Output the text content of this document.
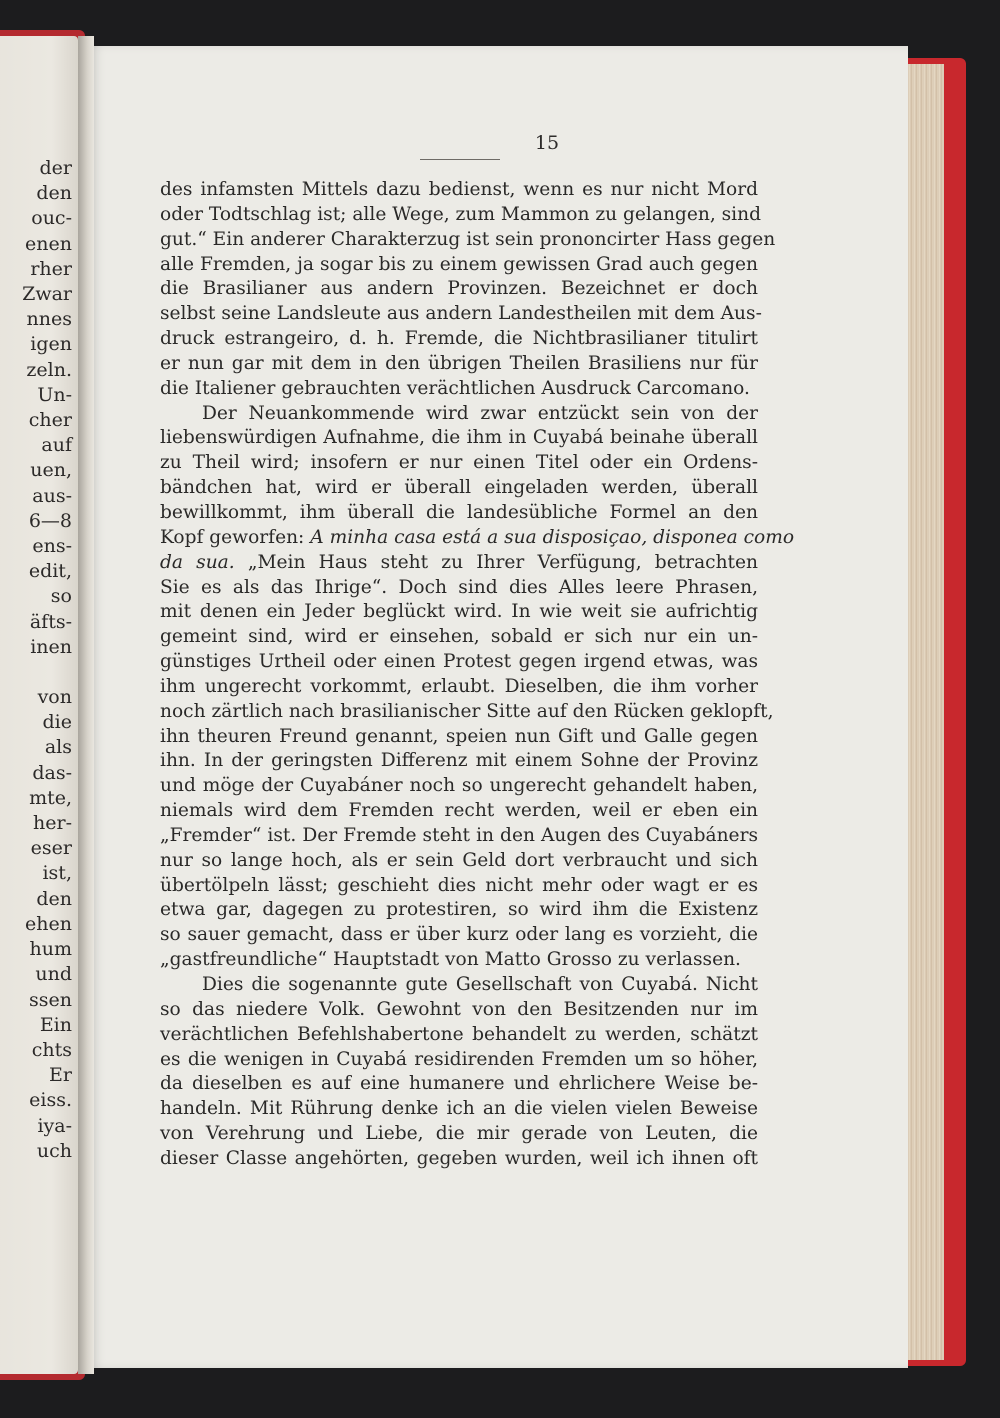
der
den
ouc-
enen
rher
Zwar
nnes
igen
zeln.
Un-
cher
auf
uen,
aus-
6—8
ens-
edit,
so
äfts-
inen
von
die
als
das-
mte,
her-
eser
ist,
den
ehen
hum
und
ssen
Ein
chts
Er
eiss.
iya-
uch
15
des infamsten Mittels dazu bedienst, wenn es nur nicht Mord
oder Todtschlag ist; alle Wege, zum Mammon zu gelangen, sind
gut.“ Ein anderer Charakterzug ist sein prononcirter Hass gegen
alle Fremden, ja sogar bis zu einem gewissen Grad auch gegen
die Brasilianer aus andern Provinzen. Bezeichnet er doch
selbst seine Landsleute aus andern Landestheilen mit dem Aus-
druck estrangeiro, d. h. Fremde, die Nichtbrasilianer titulirt
er nun gar mit dem in den übrigen Theilen Brasiliens nur für
die Italiener gebrauchten verächtlichen Ausdruck Carcomano.
Der Neuankommende wird zwar entzückt sein von der
liebenswürdigen Aufnahme, die ihm in Cuyabá beinahe überall
zu Theil wird; insofern er nur einen Titel oder ein Ordens-
bändchen hat, wird er überall eingeladen werden, überall
bewillkommt, ihm überall die landesübliche Formel an den
Kopf geworfen: A minha casa está a sua disposiçao, disponea como
da sua. „Mein Haus steht zu Ihrer Verfügung, betrachten
Sie es als das Ihrige“. Doch sind dies Alles leere Phrasen,
mit denen ein Jeder beglückt wird. In wie weit sie aufrichtig
gemeint sind, wird er einsehen, sobald er sich nur ein un-
günstiges Urtheil oder einen Protest gegen irgend etwas, was
ihm ungerecht vorkommt, erlaubt. Dieselben, die ihm vorher
noch zärtlich nach brasilianischer Sitte auf den Rücken geklopft,
ihn theuren Freund genannt, speien nun Gift und Galle gegen
ihn. In der geringsten Differenz mit einem Sohne der Provinz
und möge der Cuyabáner noch so ungerecht gehandelt haben,
niemals wird dem Fremden recht werden, weil er eben ein
„Fremder“ ist. Der Fremde steht in den Augen des Cuyabáners
nur so lange hoch, als er sein Geld dort verbraucht und sich
übertölpeln lässt; geschieht dies nicht mehr oder wagt er es
etwa gar, dagegen zu protestiren, so wird ihm die Existenz
so sauer gemacht, dass er über kurz oder lang es vorzieht, die
„gastfreundliche“ Hauptstadt von Matto Grosso zu verlassen.
Dies die sogenannte gute Gesellschaft von Cuyabá. Nicht
so das niedere Volk. Gewohnt von den Besitzenden nur im
verächtlichen Befehlshabertone behandelt zu werden, schätzt
es die wenigen in Cuyabá residirenden Fremden um so höher,
da dieselben es auf eine humanere und ehrlichere Weise be-
handeln. Mit Rührung denke ich an die vielen vielen Beweise
von Verehrung und Liebe, die mir gerade von Leuten, die
dieser Classe angehörten, gegeben wurden, weil ich ihnen oft
